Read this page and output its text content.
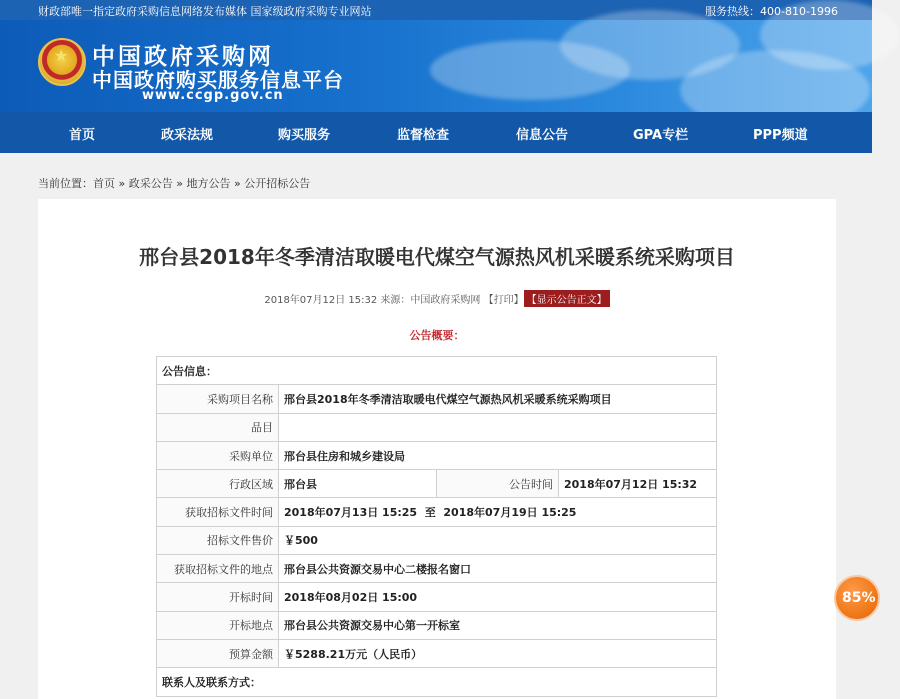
财政部唯一指定政府采购信息网络发布媒体 国家级政府采购专业网站	服务热线：400-810-1996
★ 中国政府采购网
中国政府购买服务信息平台
www.ccgp.gov.cn
首页	政采法规	购买服务	监督检查	信息公告	GPA专栏	PPP频道
当前位置：首页 » 政采公告 » 地方公告 » 公开招标公告
邢台县2018年冬季清洁取暖电代煤空气源热风机采暖系统采购项目
2018年07月12日 15:32 来源：中国政府采购网 【打印】 【显示公告正文】
公告概要：
公告信息：			
采购项目名称	邢台县2018年冬季清洁取暖电代煤空气源热风机采暖系统采购项目		
品目			
采购单位	邢台县住房和城乡建设局		
行政区域	邢台县	公告时间	2018年07月12日 15:32
获取招标文件时间	2018年07月13日 15:25  至  2018年07月19日 15:25		
招标文件售价	￥500		
获取招标文件的地点	邢台县公共资源交易中心二楼报名窗口		
开标时间	2018年08月02日 15:00		
开标地点	邢台县公共资源交易中心第一开标室		
预算金额	￥5288.21万元（人民币）		
联系人及联系方式：			
85%
